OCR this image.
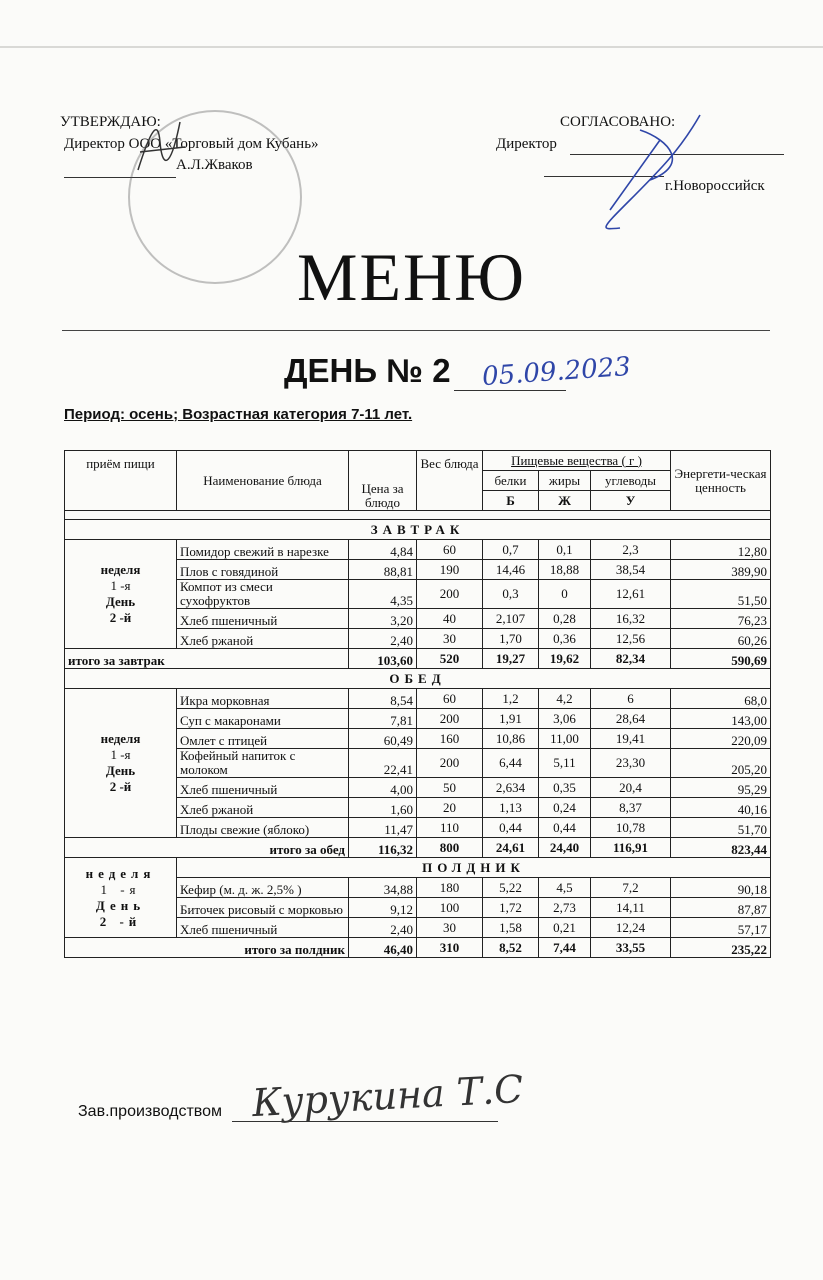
УТВЕРЖДАЮ:
Директор ООО «Торговый дом Кубань»
А.Л.Жваков
СОГЛАСОВАНО:
Директор
г.Новороссийск
МЕНЮ
ДЕНЬ № 2 05.09.2023
Период: осень; Возрастная категория 7-11 лет.
приём пищи	Наименование блюда	Цена за блюдо	Вес блюда	Пищевые вещества ( г )			Энергети-ческая ценность
				белки	жиры	углеводы	
				Б	Ж	У	

ЗАВТРАК							

неделя
1 -я
День
2 -й	Помидор свежий в нарезке	4,84	60	0,7	0,1	2,3	12,80
	Плов с говядиной	88,81	190	14,46	18,88	38,54	389,90
	Компот из смеси сухофруктов	4,35	200	0,3	0	12,61	51,50
	Хлеб пшеничный	3,20	40	2,107	0,28	16,32	76,23
	Хлеб ржаной	2,40	30	1,70	0,36	12,56	60,26
итого за завтрак		103,60	520	19,27	19,62	82,34	590,69
ОБЕД							

неделя
1 -я
День
2 -й	Икра морковная	8,54	60	1,2	4,2	6	68,0
	Суп с макаронами	7,81	200	1,91	3,06	28,64	143,00
	Омлет с птицей	60,49	160	10,86	11,00	19,41	220,09
	Кофейный напиток с молоком	22,41	200	6,44	5,11	23,30	205,20
	Хлеб пшеничный	4,00	50	2,634	0,35	20,4	95,29
	Хлеб ржаной	1,60	20	1,13	0,24	8,37	40,16
	Плоды свежие (яблоко)	11,47	110	0,44	0,44	10,78	51,70
итого за обед		116,32	800	24,61	24,40	116,91	823,44

неделя
1 -я
День
2 -й	ПОЛДНИК						
	Кефир (м. д. ж. 2,5% )	34,88	180	5,22	4,5	7,2	90,18
	Биточек рисовый с морковью	9,12	100	1,72	2,73	14,11	87,87
	Хлеб пшеничный	2,40	30	1,58	0,21	12,24	57,17
итого за полдник		46,40	310	8,52	7,44	33,55	235,22
Зав.производством Курукина Т.С
